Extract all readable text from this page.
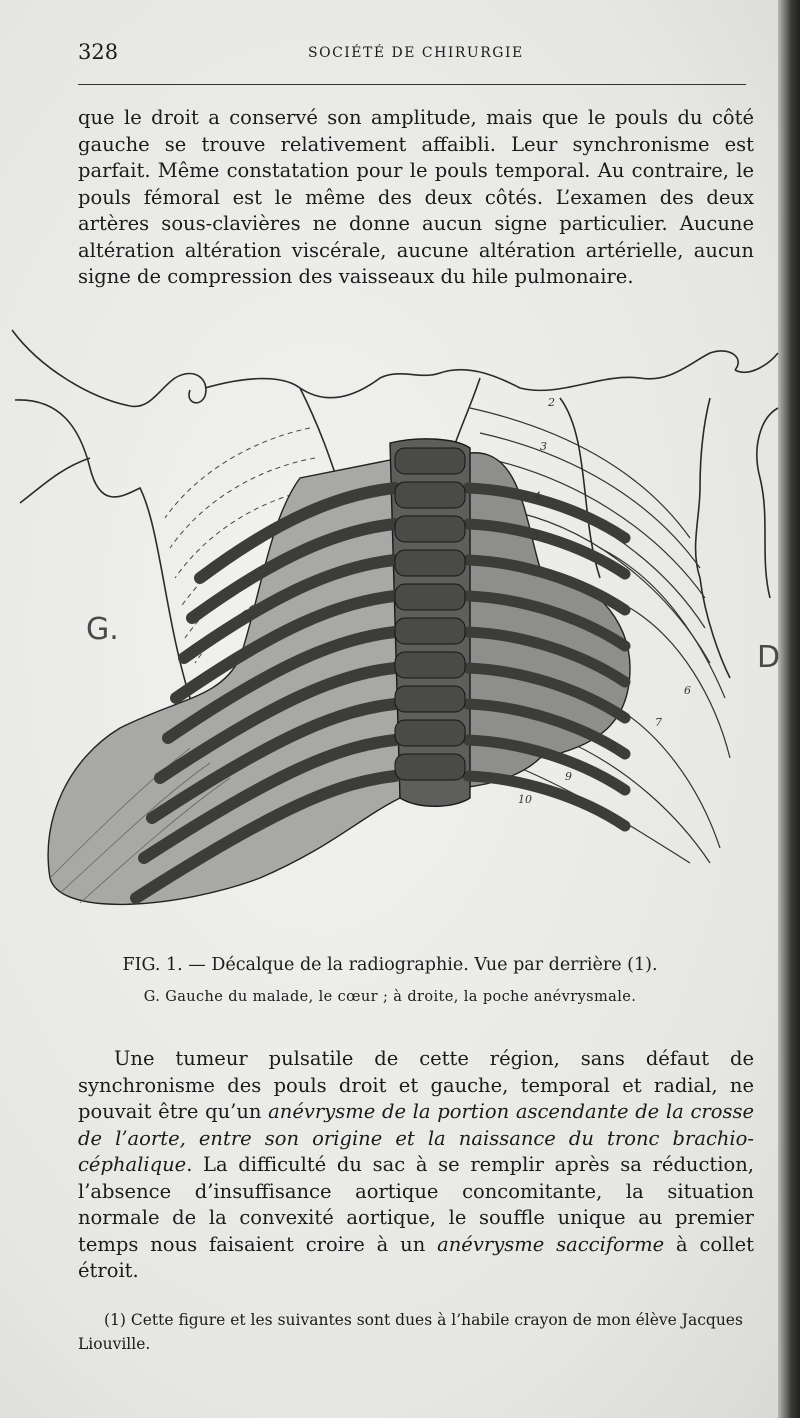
328	SOCIÉTÉ DE CHIRURGIE

que le droit a conservé son amplitude, mais que le pouls du côté gauche se trouve relativement affaibli. Leur synchronisme est parfait. Même constatation pour le pouls temporal. Au contraire, le pouls fémoral est le même des deux côtés. L’examen des deux artères sous-clavières ne donne aucun signe particulier. Aucune altération altération viscérale, aucune altération artérielle, aucun signe de compression des vaisseaux du hile pulmonaire.

2
3
4
5
6
7
8
9
10
G.
D

FIG. 1. — Décalque de la radiographie. Vue par derrière (1).

G. Gauche du malade, le cœur ; à droite, la poche anévrysmale.

Une tumeur pulsatile de cette région, sans défaut de synchronisme des pouls droit et gauche, temporal et radial, ne pouvait être qu’un anévrysme de la portion ascendante de la crosse de l’aorte, entre son origine et la naissance du tronc brachio-céphalique. La difficulté du sac à se remplir après sa réduction, l’absence d’insuffisance aortique concomitante, la situation normale de la convexité aortique, le souffle unique au premier temps nous faisaient croire à un anévrysme sacciforme à collet étroit.

(1) Cette figure et les suivantes sont dues à l’habile crayon de mon élève Jacques Liouville.
